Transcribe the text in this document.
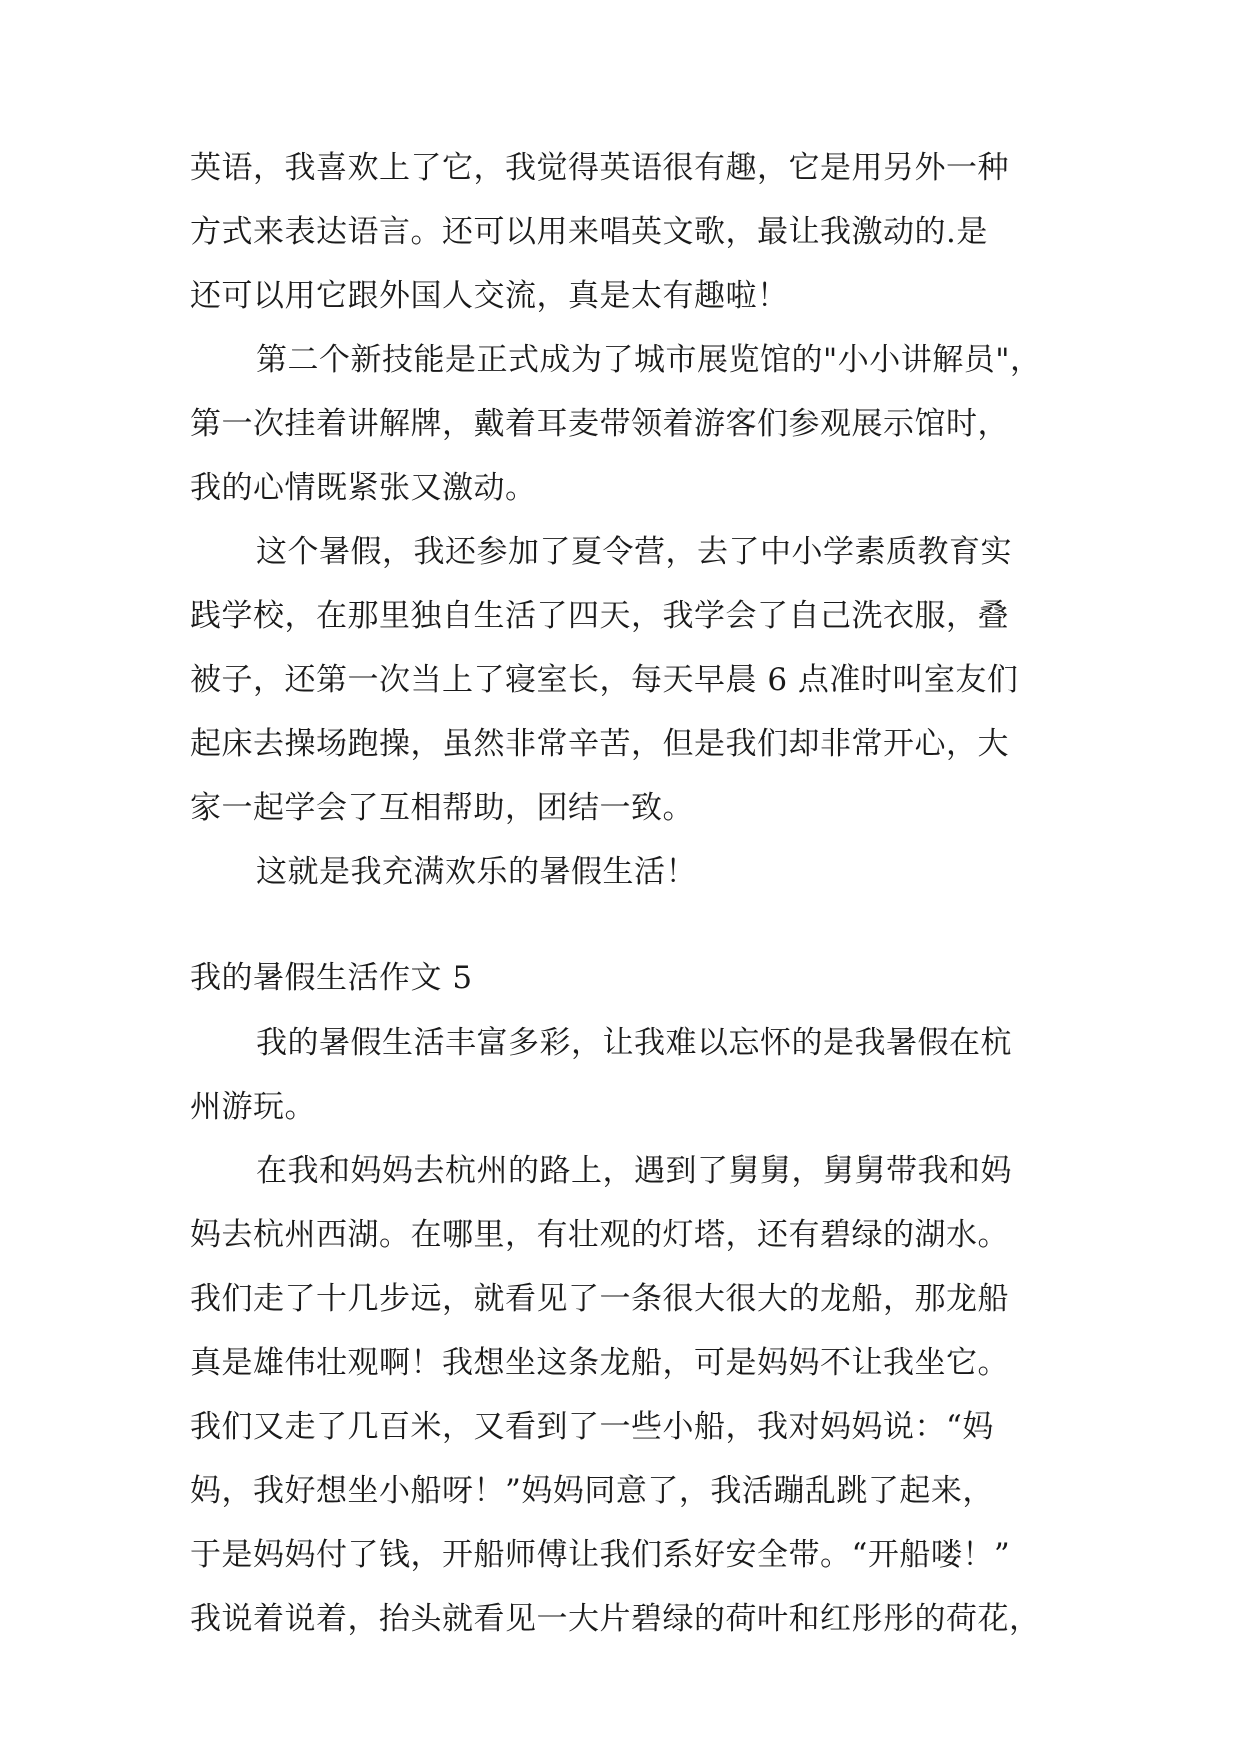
英语，我喜欢上了它，我觉得英语很有趣，它是用另外一种
方式来表达语言。还可以用来唱英文歌，最让我激动的.是
还可以用它跟外国人交流，真是太有趣啦！
第二个新技能是正式成为了城市展览馆的"小小讲解员"，
第一次挂着讲解牌，戴着耳麦带领着游客们参观展示馆时，
我的心情既紧张又激动。
这个暑假，我还参加了夏令营，去了中小学素质教育实
践学校，在那里独自生活了四天，我学会了自己洗衣服，叠
被子，还第一次当上了寝室长，每天早晨 6 点准时叫室友们
起床去操场跑操，虽然非常辛苦，但是我们却非常开心，大
家一起学会了互相帮助，团结一致。
这就是我充满欢乐的暑假生活！
我的暑假生活作文 5
我的暑假生活丰富多彩，让我难以忘怀的是我暑假在杭
州游玩。
在我和妈妈去杭州的路上，遇到了舅舅，舅舅带我和妈
妈去杭州西湖。在哪里，有壮观的灯塔，还有碧绿的湖水。
我们走了十几步远，就看见了一条很大很大的龙船，那龙船
真是雄伟壮观啊！我想坐这条龙船，可是妈妈不让我坐它。
我们又走了几百米，又看到了一些小船，我对妈妈说：“妈
妈，我好想坐小船呀！”妈妈同意了，我活蹦乱跳了起来，
于是妈妈付了钱，开船师傅让我们系好安全带。“开船喽！”
我说着说着，抬头就看见一大片碧绿的荷叶和红彤彤的荷花，
